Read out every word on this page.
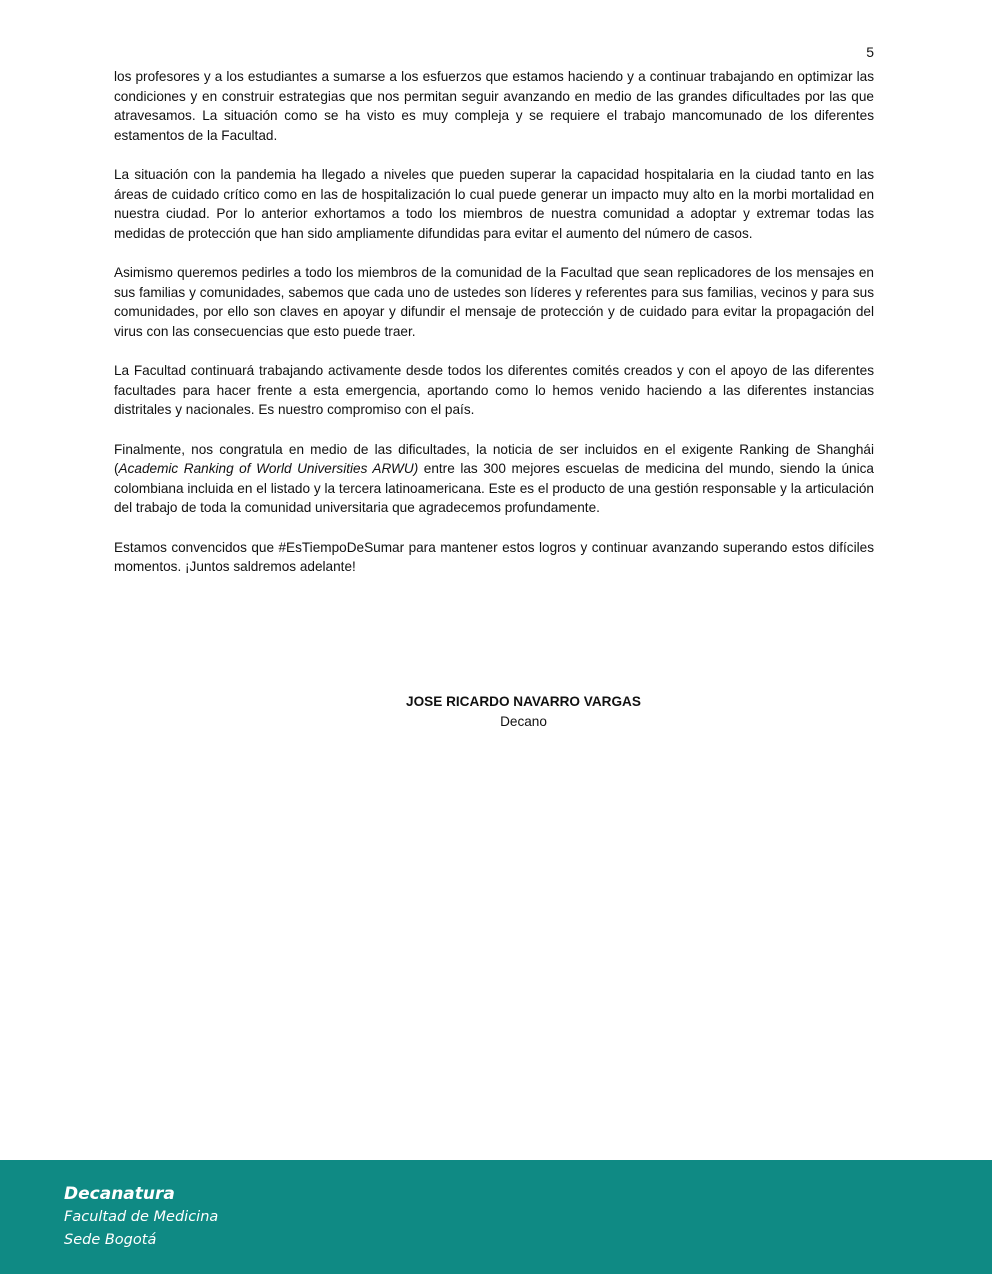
5

los profesores y a los estudiantes a sumarse a los esfuerzos que estamos haciendo y a continuar trabajando en optimizar las condiciones y en construir estrategias que nos permitan seguir avanzando en medio de las grandes dificultades por las que atravesamos. La situación como se ha visto es muy compleja y se requiere el trabajo mancomunado de los diferentes estamentos de la Facultad.

La situación con la pandemia ha llegado a niveles que pueden superar la capacidad hospitalaria en la ciudad tanto en las áreas de cuidado crítico como en las de hospitalización lo cual puede generar un impacto muy alto en la morbi mortalidad en nuestra ciudad. Por lo anterior exhortamos a todo los miembros de nuestra comunidad a adoptar y extremar todas las medidas de protección que han sido ampliamente difundidas para evitar el aumento del número de casos.

Asimismo queremos pedirles a todo los miembros de la comunidad de la Facultad que sean replicadores de los mensajes en sus familias y comunidades, sabemos que cada uno de ustedes son líderes y referentes para sus familias, vecinos y para sus comunidades, por ello son claves en apoyar y difundir el mensaje de protección y de cuidado para evitar la propagación del virus con las consecuencias que esto puede traer.

La Facultad continuará trabajando activamente desde todos los diferentes comités creados y con el apoyo de las diferentes facultades para hacer frente a esta emergencia, aportando como lo hemos venido haciendo a las diferentes instancias distritales y nacionales. Es nuestro compromiso con el país.

Finalmente, nos congratula en medio de las dificultades, la noticia de ser incluidos en el exigente Ranking de Shanghái (Academic Ranking of World Universities ARWU) entre las 300 mejores escuelas de medicina del mundo, siendo la única colombiana incluida en el listado y la tercera latinoamericana. Este es el producto de una gestión responsable y la articulación del trabajo de toda la comunidad universitaria que agradecemos profundamente.

Estamos convencidos que #EsTiempoDeSumar para mantener estos logros y continuar avanzando superando estos difíciles momentos. ¡Juntos saldremos adelante!

JOSE RICARDO NAVARRO VARGAS
Decano
Decanatura
Facultad de Medicina
Sede Bogotá
